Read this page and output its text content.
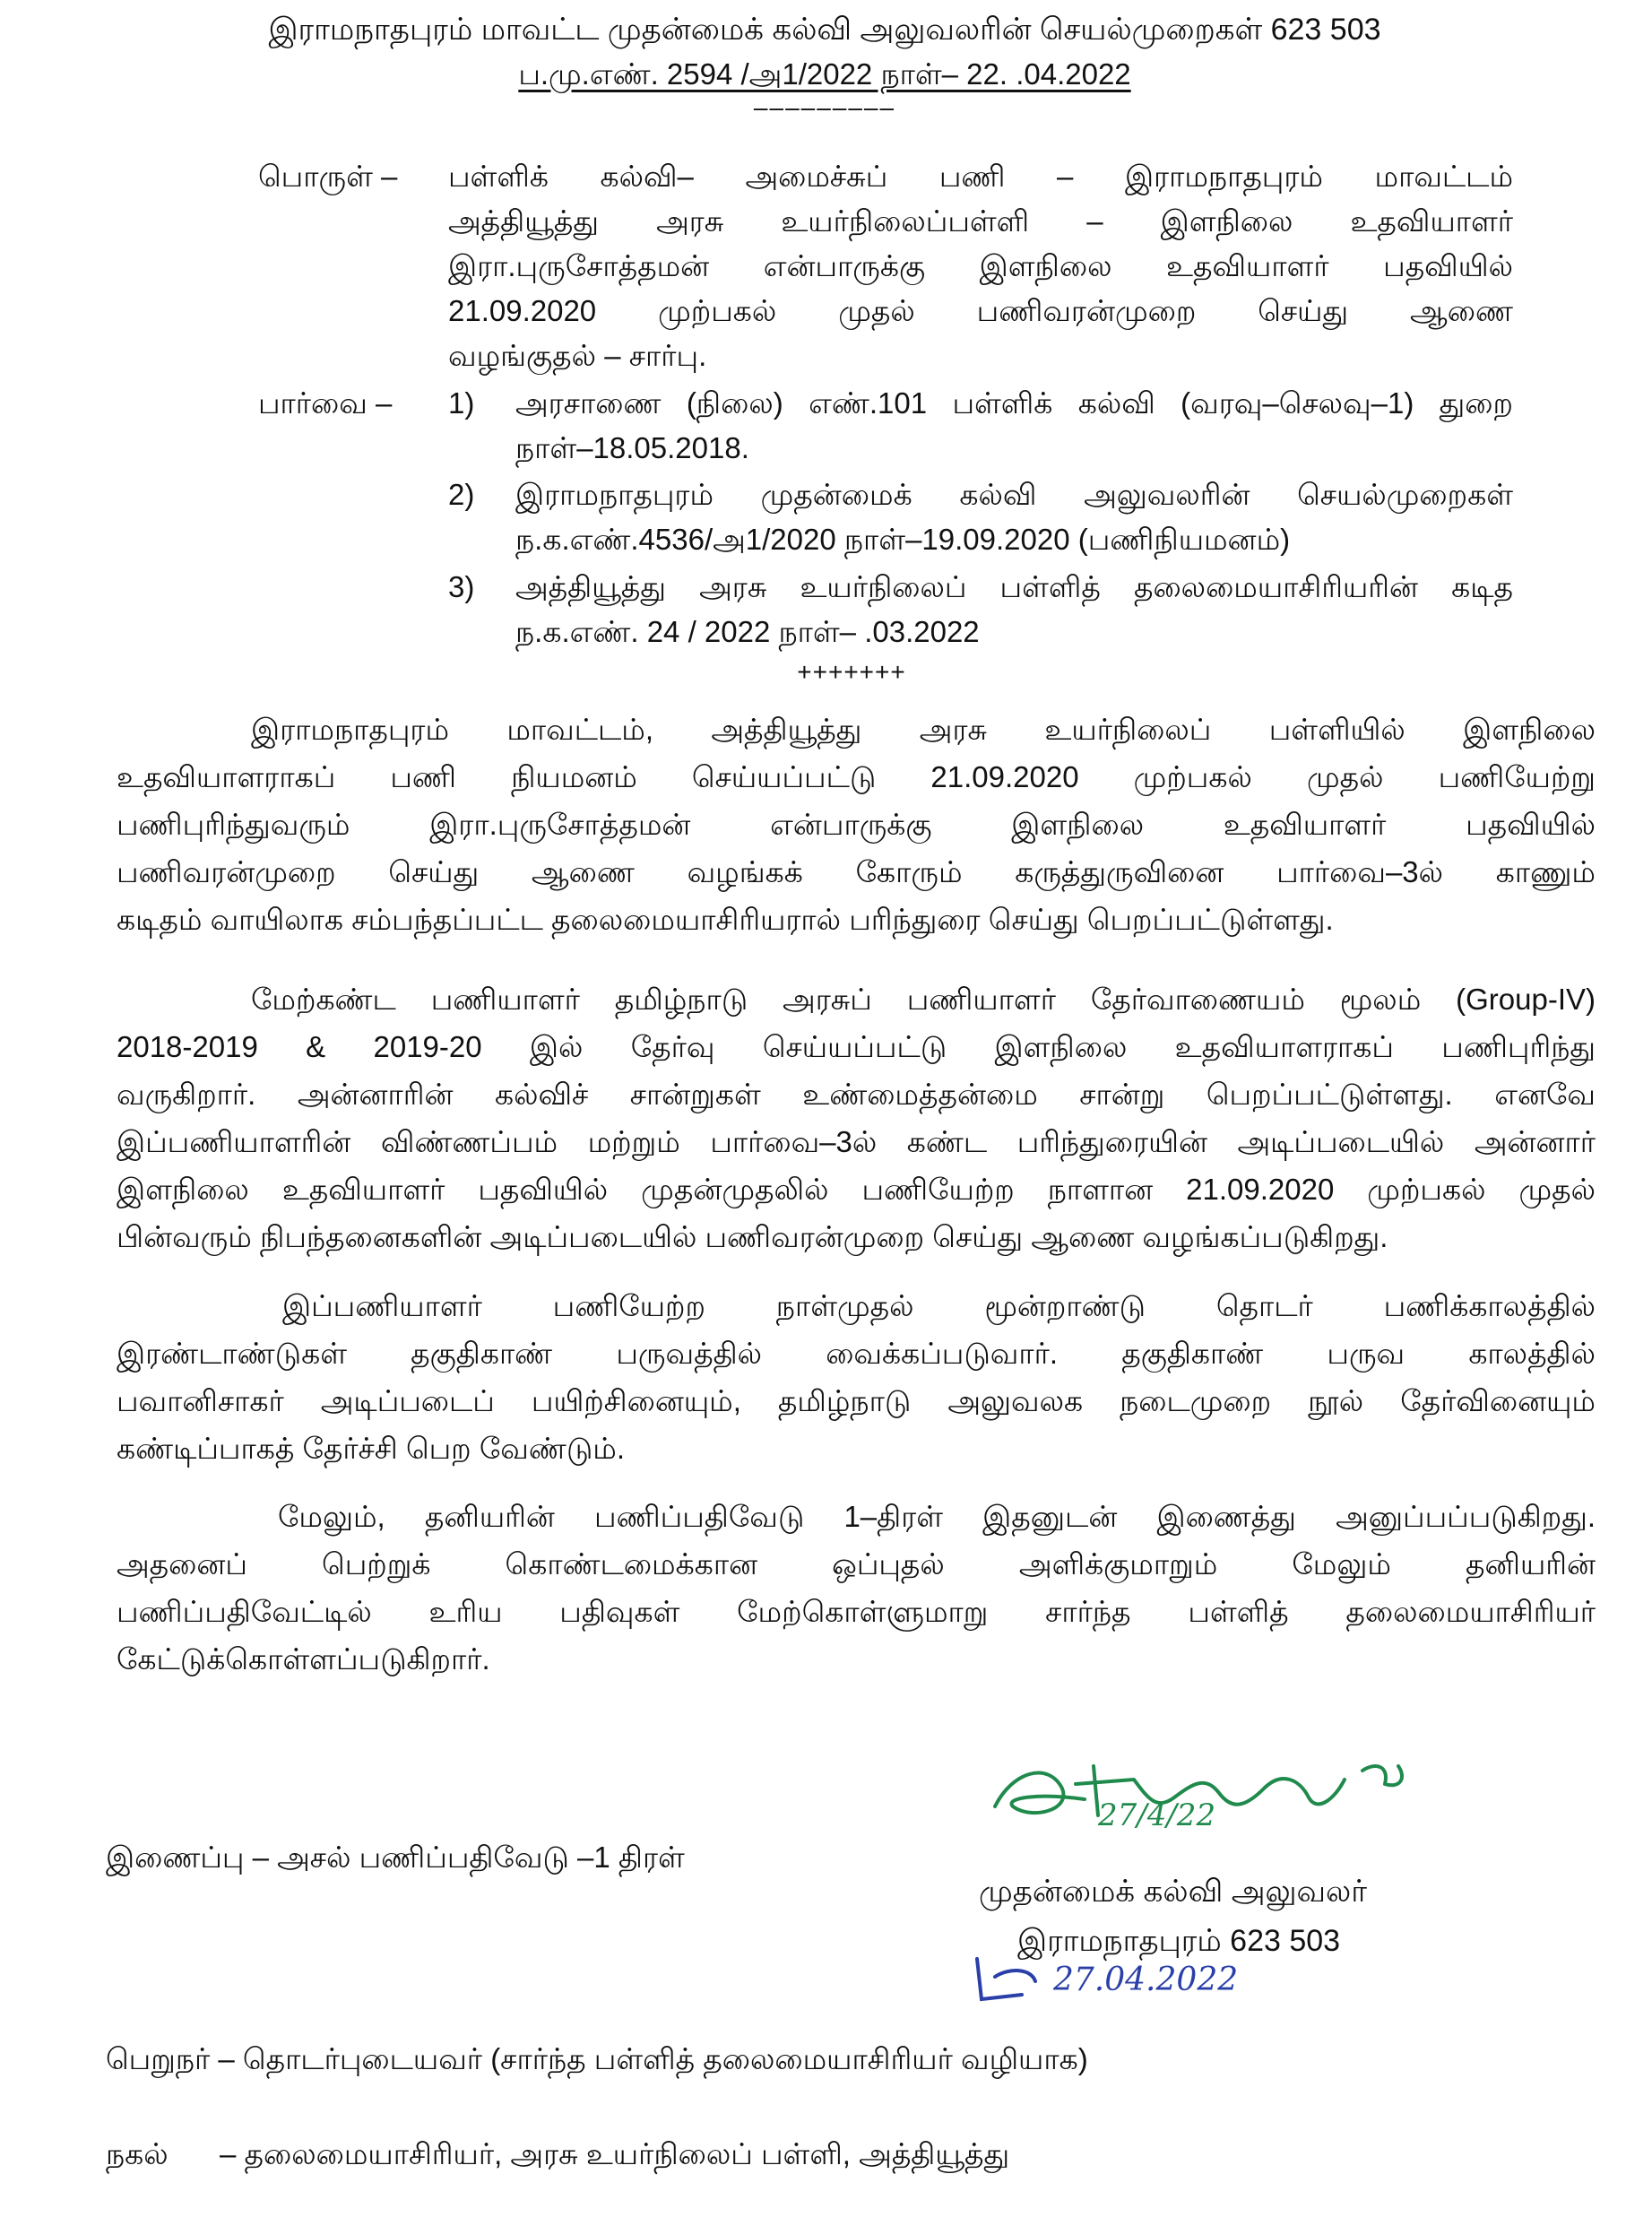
இராமநாதபுரம் மாவட்ட முதன்மைக் கல்வி அலுவலரின் செயல்முறைகள் 623 503
ப.மு.எண். 2594 /அ1/2022 நாள்– 22. .04.2022
–––––––––
பொருள் – பள்ளிக் கல்வி– அமைச்சுப் பணி – இராமநாதபுரம் மாவட்டம்
அத்தியூத்து அரசு உயர்நிலைப்பள்ளி – இளநிலை உதவியாளர்
இரா.புருசோத்தமன் என்பாருக்கு இளநிலை உதவியாளர் பதவியில்
21.09.2020 முற்பகல் முதல் பணிவரன்முறை செய்து ஆணை
வழங்குதல் – சார்பு.
பார்வை – 1) அரசாணை (நிலை) எண்.101 பள்ளிக் கல்வி (வரவு–செலவு–1) துறை
நாள்–18.05.2018.
2) இராமநாதபுரம் முதன்மைக் கல்வி அலுவலரின் செயல்முறைகள்
ந.க.எண்.4536/அ1/2020 நாள்–19.09.2020 (பணிநியமனம்)
3) அத்தியூத்து அரசு உயர்நிலைப் பள்ளித் தலைமையாசிரியரின் கடித
ந.க.எண். 24 / 2022 நாள்– .03.2022
+++++++
இராமநாதபுரம் மாவட்டம், அத்தியூத்து அரசு உயர்நிலைப் பள்ளியில் இளநிலை
உதவியாளராகப் பணி நியமனம் செய்யப்பட்டு 21.09.2020 முற்பகல் முதல் பணியேற்று
பணிபுரிந்துவரும் இரா.புருசோத்தமன் என்பாருக்கு இளநிலை உதவியாளர் பதவியில்
பணிவரன்முறை செய்து ஆணை வழங்கக் கோரும் கருத்துருவினை பார்வை–3ல் காணும்
கடிதம் வாயிலாக சம்பந்தப்பட்ட தலைமையாசிரியரால் பரிந்துரை செய்து பெறப்பட்டுள்ளது.
மேற்கண்ட பணியாளர் தமிழ்நாடு அரசுப் பணியாளர் தேர்வாணையம் மூலம் (Group-IV)
2018-2019 & 2019-20 இல் தேர்வு செய்யப்பட்டு இளநிலை உதவியாளராகப் பணிபுரிந்து
வருகிறார். அன்னாரின் கல்விச் சான்றுகள் உண்மைத்தன்மை சான்று பெறப்பட்டுள்ளது. எனவே
இப்பணியாளரின் விண்ணப்பம் மற்றும் பார்வை–3ல் கண்ட பரிந்துரையின் அடிப்படையில் அன்னார்
இளநிலை உதவியாளர் பதவியில் முதன்முதலில் பணியேற்ற நாளான 21.09.2020 முற்பகல் முதல்
பின்வரும் நிபந்தனைகளின் அடிப்படையில் பணிவரன்முறை செய்து ஆணை வழங்கப்படுகிறது.
இப்பணியாளர் பணியேற்ற நாள்முதல் மூன்றாண்டு தொடர் பணிக்காலத்தில்
இரண்டாண்டுகள் தகுதிகாண் பருவத்தில் வைக்கப்படுவார். தகுதிகாண் பருவ காலத்தில்
பவானிசாகர் அடிப்படைப் பயிற்சினையும், தமிழ்நாடு அலுவலக நடைமுறை நூல் தேர்வினையும்
கண்டிப்பாகத் தேர்ச்சி பெற வேண்டும்.
மேலும், தனியரின் பணிப்பதிவேடு 1–திரள் இதனுடன் இணைத்து அனுப்பப்படுகிறது.
அதனைப் பெற்றுக் கொண்டமைக்கான ஒப்புதல் அளிக்குமாறும் மேலும் தனியரின்
பணிப்பதிவேட்டில் உரிய பதிவுகள் மேற்கொள்ளுமாறு சார்ந்த பள்ளித் தலைமையாசிரியர்
கேட்டுக்கொள்ளப்படுகிறார்.
27/4/22
முதன்மைக் கல்வி அலுவலர்
இராமநாதபுரம் 623 503
27.04.2022
இணைப்பு – அசல் பணிப்பதிவேடு –1 திரள்
பெறுநர் – தொடர்புடையவர் (சார்ந்த பள்ளித் தலைமையாசிரியர் வழியாக)
நகல் – தலைமையாசிரியர், அரசு உயர்நிலைப் பள்ளி, அத்தியூத்து
